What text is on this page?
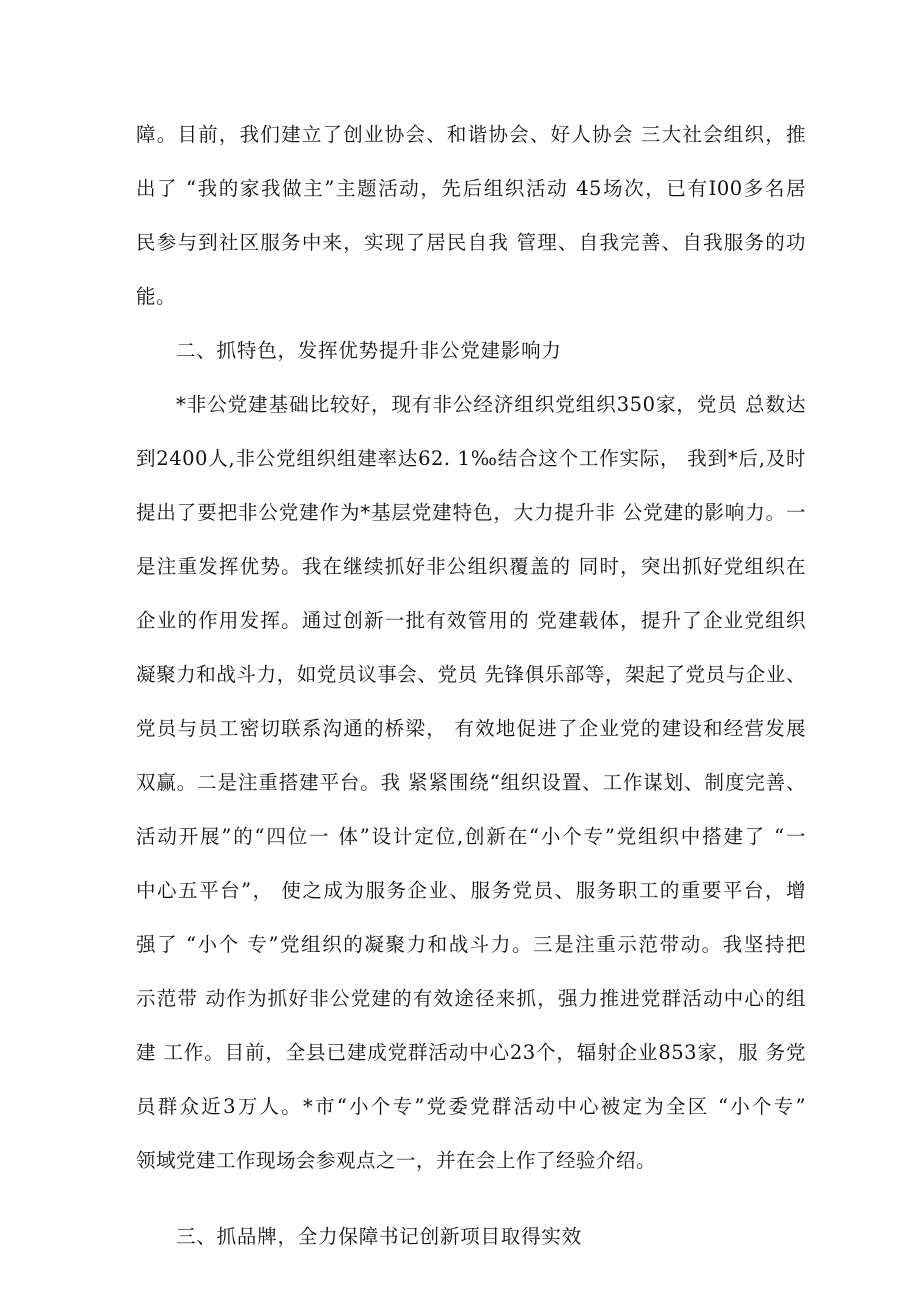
障。目前，我们建立了创业协会、和谐协会、好人协会 三大社会组织，推
出了 “我的家我做主”主题活动，先后组织活动 45场次，已有I00多名居
民参与到社区服务中来，实现了居民自我 管理、自我完善、自我服务的功
能。
二、抓特色，发挥优势提升非公党建影响力
*非公党建基础比较好，现有非公经济组织党组织350家，党员 总数达
到2400人,非公党组织组建率达62. 1‰结合这个工作实际， 我到*后,及时
提出了要把非公党建作为*基层党建特色，大力提升非 公党建的影响力。一
是注重发挥优势。我在继续抓好非公组织覆盖的 同时，突出抓好党组织在
企业的作用发挥。通过创新一批有效管用的 党建载体，提升了企业党组织
凝聚力和战斗力，如党员议事会、党员 先锋俱乐部等，架起了党员与企业、
党员与员工密切联系沟通的桥梁， 有效地促进了企业党的建设和经营发展
双赢。二是注重搭建平台。我 紧紧围绕“组织设置、工作谋划、制度完善、
活动开展”的“四位一 体”设计定位,创新在“小个专”党组织中搭建了 “一
中心五平台”， 使之成为服务企业、服务党员、服务职工的重要平台，增
强了 “小个 专”党组织的凝聚力和战斗力。三是注重示范带动。我坚持把
示范带 动作为抓好非公党建的有效途径来抓，强力推进党群活动中心的组
建 工作。目前，全县已建成党群活动中心23个，辐射企业853家，服 务党
员群众近3万人。*市“小个专”党委党群活动中心被定为全区 “小个专”
领域党建工作现场会参观点之一，并在会上作了经验介绍。
三、抓品牌，全力保障书记创新项目取得实效
